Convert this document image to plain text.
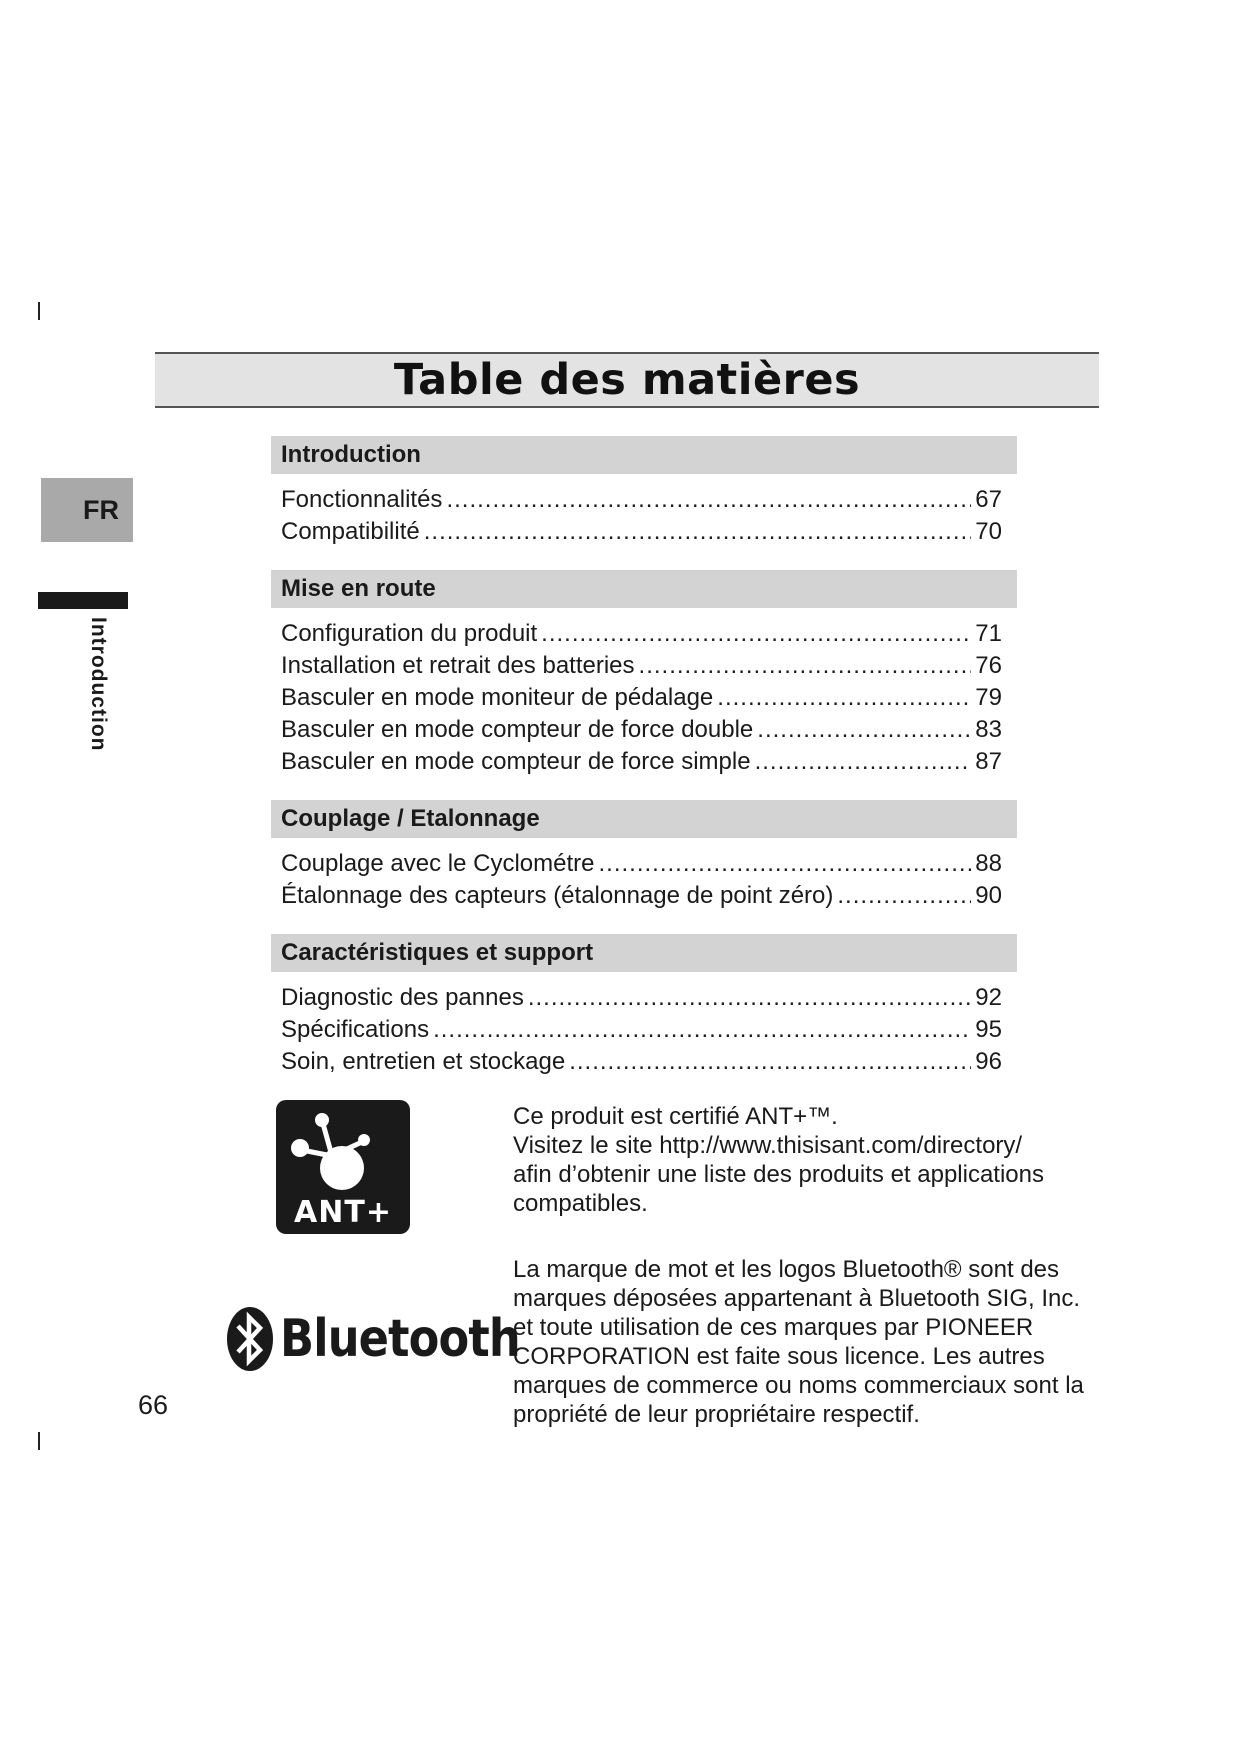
Table des matières
FR
Introduction
Introduction
Fonctionnalités .....	67
Compatibilité .....	70
Mise en route
Configuration du produit .....	71
Installation et retrait des batteries .....	76
Basculer en mode moniteur de pédalage .....	79
Basculer en mode compteur de force double .....	83
Basculer en mode compteur de force simple .....	87
Couplage / Etalonnage
Couplage avec le Cyclométre .....	88
Étalonnage des capteurs (étalonnage de point zéro) .....	90
Caractéristiques et support
Diagnostic des pannes .....	92
Spécifications .....	95
Soin, entretien et stockage .....	96
ANT+
Ce produit est certifié ANT+™.
Visitez le site http://www.thisisant.com/directory/
afin d’obtenir une liste des produits et applications
compatibles.
Bluetooth
La marque de mot et les logos Bluetooth® sont des
marques déposées appartenant à Bluetooth SIG, Inc.
et toute utilisation de ces marques par PIONEER
CORPORATION est faite sous licence. Les autres
marques de commerce ou noms commerciaux sont la
propriété de leur propriétaire respectif.
66
